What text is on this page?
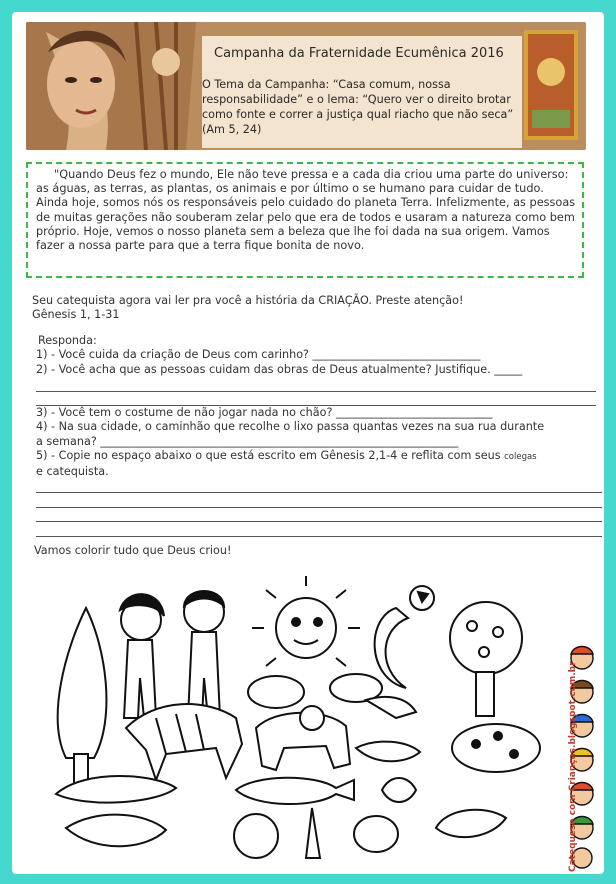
Campanha da Fraternidade Ecumênica 2016
O Tema da Campanha: “Casa comum, nossa responsabilidade” e o lema: “Quero ver o direito brotar como fonte e correr a justiça qual riacho que não seca” (Am 5, 24)

"Quando Deus fez o mundo, Ele não teve pressa e a cada dia criou uma parte do universo: as águas, as terras, as plantas, os animais e por último o se humano para cuidar de tudo. Ainda hoje, somos nós os responsáveis pelo cuidado do planeta Terra. Infelizmente, as pessoas de muitas gerações não souberam zelar pelo que era de todos e usaram a natureza como bem próprio. Hoje, vemos o nosso planeta sem a beleza que lhe foi dada na sua origem. Vamos fazer a nossa parte para que a terra fique bonita de novo.

Seu catequista agora vai ler pra você a história da CRIAÇÃO. Preste atenção!
Gênesis 1, 1-31
Responda:
1) - Você cuida da criação de Deus com carinho? ______________________________
2) - Você acha que as pessoas cuidam das obras de Deus atualmente? Justifique. _____
3) - Você tem o costume de não jogar nada no chão? ____________________________
4) - Na sua cidade, o caminhão que recolhe o lixo passa quantas vezes na sua rua durante
a semana? ________________________________________________________________
5) - Copie no espaço abaixo o que está escrito em Gênesis 2,1-4 e reflita com seus colegas
e catequista.
Vamos colorir tudo que Deus criou!
Catequese com Crianças.blogspot.com.br
